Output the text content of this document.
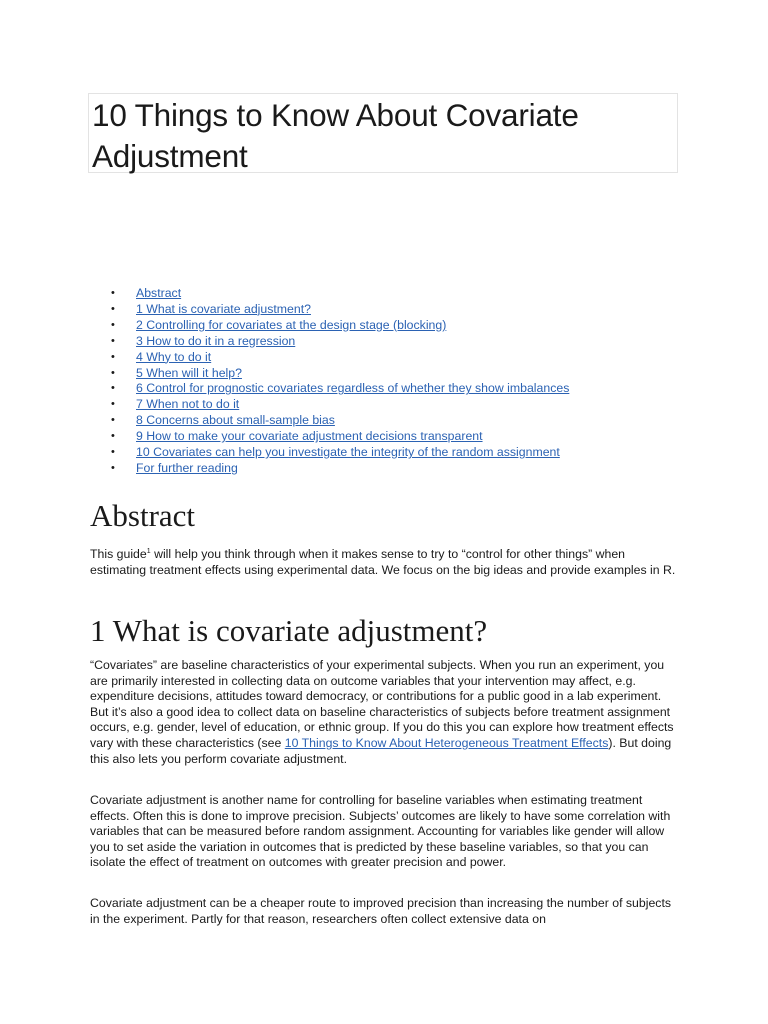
10 Things to Know About Covariate Adjustment
• Abstract
• 1 What is covariate adjustment?
• 2 Controlling for covariates at the design stage (blocking)
• 3 How to do it in a regression
• 4 Why to do it
• 5 When will it help?
• 6 Control for prognostic covariates regardless of whether they show imbalances
• 7 When not to do it
• 8 Concerns about small-sample bias
• 9 How to make your covariate adjustment decisions transparent
• 10 Covariates can help you investigate the integrity of the random assignment
• For further reading
Abstract

This guide$^1$ will help you think through when it makes sense to try to “control for other things” when estimating treatment effects using experimental data. We focus on the big ideas and provide examples in R.

1 What is covariate adjustment?

“Covariates” are baseline characteristics of your experimental subjects. When you run an experiment, you are primarily interested in collecting data on outcome variables that your intervention may affect, e.g. expenditure decisions, attitudes toward democracy, or contributions for a public good in a lab experiment. But it’s also a good idea to collect data on baseline characteristics of subjects before treatment assignment occurs, e.g. gender, level of education, or ethnic group. If you do this you can explore how treatment effects vary with these characteristics (see 10 Things to Know About Heterogeneous Treatment Effects). But doing this also lets you perform covariate adjustment.

Covariate adjustment is another name for controlling for baseline variables when estimating treatment effects. Often this is done to improve precision. Subjects’ outcomes are likely to have some correlation with variables that can be measured before random assignment. Accounting for variables like gender will allow you to set aside the variation in outcomes that is predicted by these baseline variables, so that you can isolate the effect of treatment on outcomes with greater precision and power.

Covariate adjustment can be a cheaper route to improved precision than increasing the number of subjects in the experiment. Partly for that reason, researchers often collect extensive data on
